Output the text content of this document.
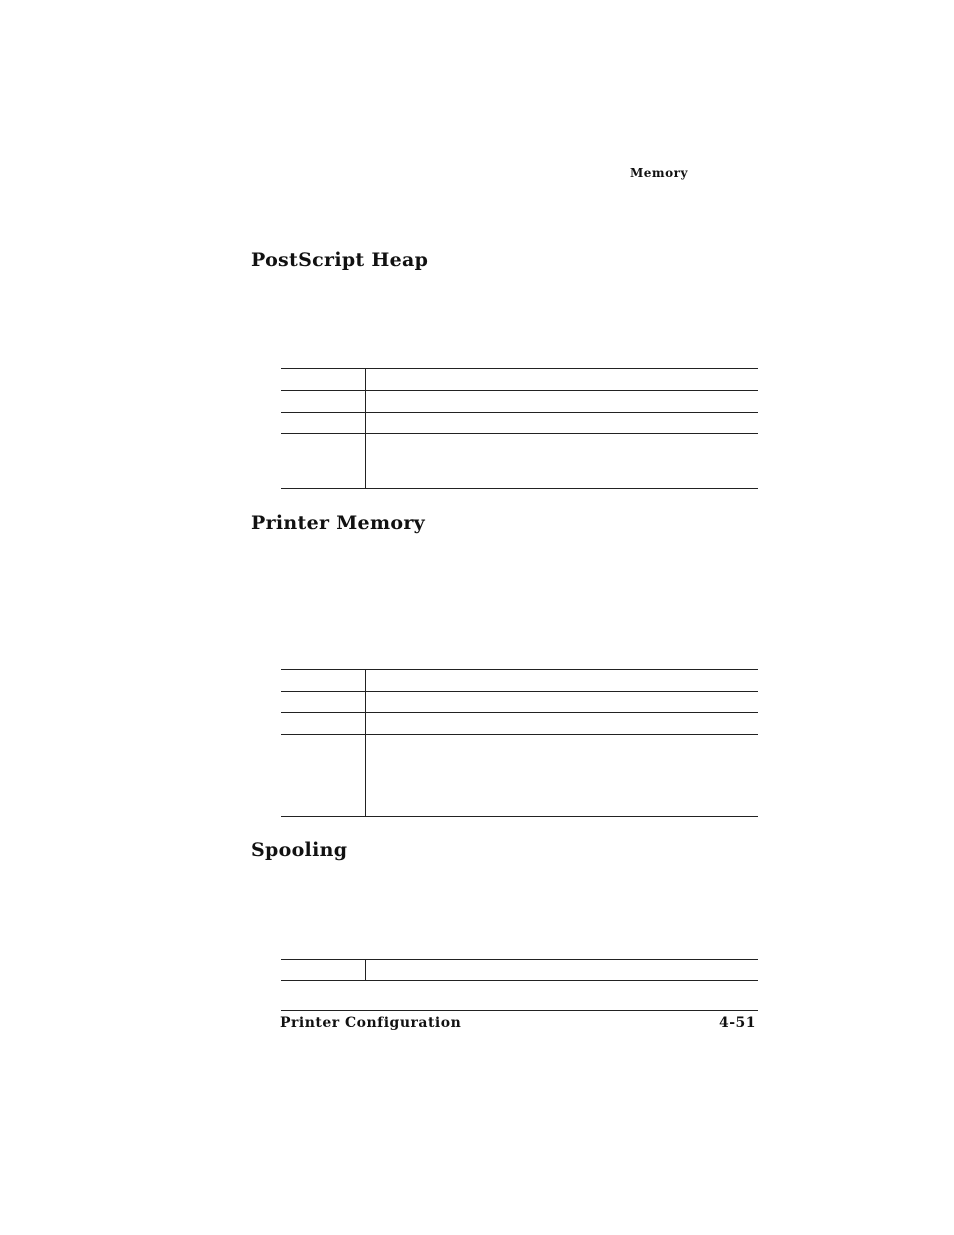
Memory
PostScript Heap

Printer Memory

Spooling

Printer Configuration	4-51
